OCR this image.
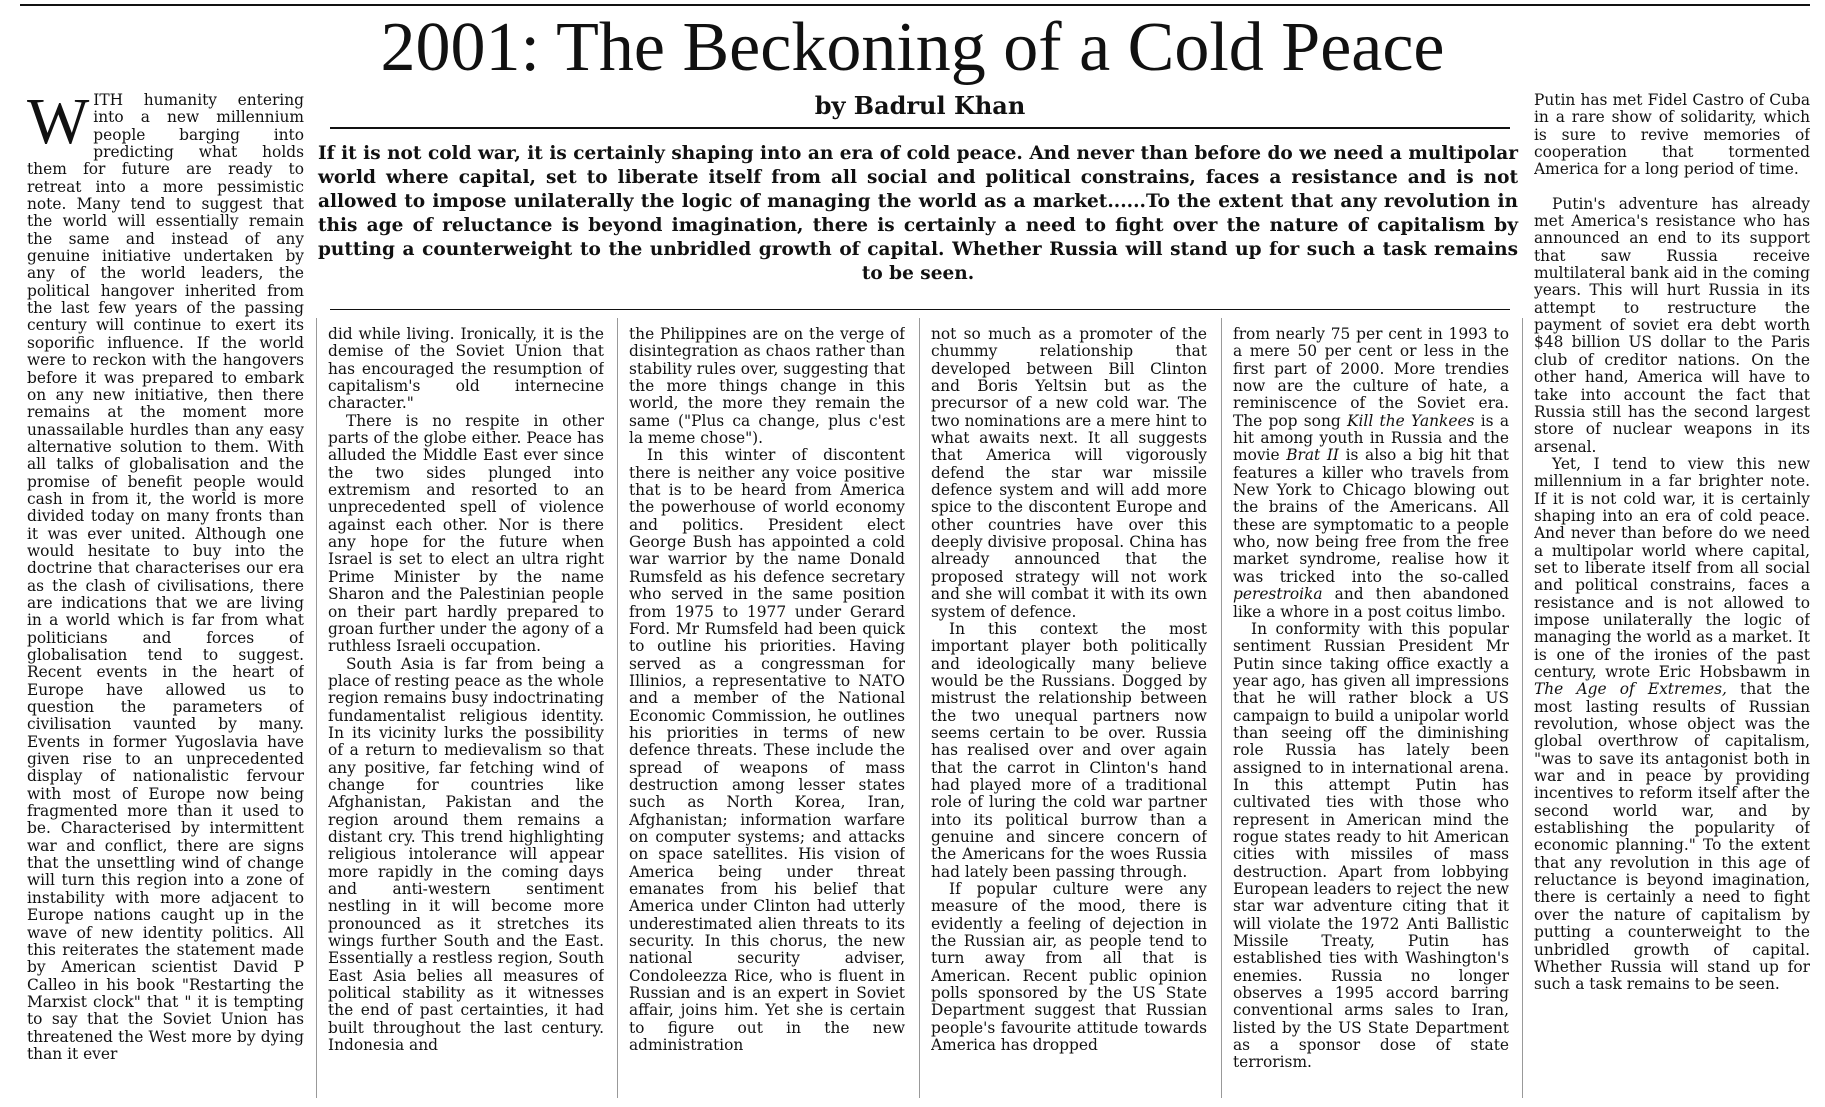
2001: The Beckoning of a Cold Peace
by Badrul Khan

If it is not cold war, it is certainly shaping into an era of cold peace. And never than before do we need a multipolar world where capital, set to liberate itself from all social and political constrains, faces a resistance and is not allowed to impose unilaterally the logic of managing the world as a market......To the extent that any revolution in this age of reluctance is beyond imagination, there is certainly a need to fight over the nature of capitalism by putting a counterweight to the unbridled growth of capital. Whether Russia will stand up for such a task remains to be seen.

WITH humanity entering into a new millennium people barging into predicting what holds them for future are ready to retreat into a more pessimistic note. Many tend to suggest that the world will essentially remain the same and instead of any genuine initiative undertaken by any of the world leaders, the political hangover inherited from the last few years of the passing century will continue to exert its soporific influence. If the world were to reckon with the hangovers before it was prepared to embark on any new initiative, then there remains at the moment more unassailable hurdles than any easy alternative solution to them. With all talks of globalisation and the promise of benefit people would cash in from it, the world is more divided today on many fronts than it was ever united. Although one would hesitate to buy into the doctrine that characterises our era as the clash of civilisations, there are indications that we are living in a world which is far from what politicians and forces of globalisation tend to suggest. Recent events in the heart of Europe have allowed us to question the parameters of civilisation vaunted by many. Events in former Yugoslavia have given rise to an unprecedented display of nationalistic fervour with most of Europe now being fragmented more than it used to be. Characterised by intermittent war and conflict, there are signs that the unsettling wind of change will turn this region into a zone of instability with more adjacent to Europe nations caught up in the wave of new identity politics. All this reiterates the statement made by American scientist David P Calleo in his book "Restarting the Marxist clock" that " it is tempting to say that the Soviet Union has threatened the West more by dying than it ever

did while living. Ironically, it is the demise of the Soviet Union that has encouraged the resumption of capitalism's old internecine character."

There is no respite in other parts of the globe either. Peace has alluded the Middle East ever since the two sides plunged into extremism and resorted to an unprecedented spell of violence against each other. Nor is there any hope for the future when Israel is set to elect an ultra right Prime Minister by the name Sharon and the Palestinian people on their part hardly prepared to groan further under the agony of a ruthless Israeli occupation.

South Asia is far from being a place of resting peace as the whole region remains busy indoctrinating fundamentalist religious identity. In its vicinity lurks the possibility of a return to medievalism so that any positive, far fetching wind of change for countries like Afghanistan, Pakistan and the region around them remains a distant cry. This trend highlighting religious intolerance will appear more rapidly in the coming days and anti-western sentiment nestling in it will become more pronounced as it stretches its wings further South and the East. Essentially a restless region, South East Asia belies all measures of political stability as it witnesses the end of past certainties, it had built throughout the last century. Indonesia and

the Philippines are on the verge of disintegration as chaos rather than stability rules over, suggesting that the more things change in this world, the more they remain the same ("Plus ca change, plus c'est la meme chose").

In this winter of discontent there is neither any voice positive that is to be heard from America the powerhouse of world economy and politics. President elect George Bush has appointed a cold war warrior by the name Donald Rumsfeld as his defence secretary who served in the same position from 1975 to 1977 under Gerard Ford. Mr Rumsfeld had been quick to outline his priorities. Having served as a congressman for Illinios, a representative to NATO and a member of the National Economic Commission, he outlines his priorities in terms of new defence threats. These include the spread of weapons of mass destruction among lesser states such as North Korea, Iran, Afghanistan; information warfare on computer systems; and attacks on space satellites. His vision of America being under threat emanates from his belief that America under Clinton had utterly underestimated alien threats to its security. In this chorus, the new national security adviser, Condoleezza Rice, who is fluent in Russian and is an expert in Soviet affair, joins him. Yet she is certain to figure out in the new administration

not so much as a promoter of the chummy relationship that developed between Bill Clinton and Boris Yeltsin but as the precursor of a new cold war. The two nominations are a mere hint to what awaits next. It all suggests that America will vigorously defend the star war missile defence system and will add more spice to the discontent Europe and other countries have over this deeply divisive proposal. China has already announced that the proposed strategy will not work and she will combat it with its own system of defence.

In this context the most important player both politically and ideologically many believe would be the Russians. Dogged by mistrust the relationship between the two unequal partners now seems certain to be over. Russia has realised over and over again that the carrot in Clinton's hand had played more of a traditional role of luring the cold war partner into its political burrow than a genuine and sincere concern of the Americans for the woes Russia had lately been passing through.

If popular culture were any measure of the mood, there is evidently a feeling of dejection in the Russian air, as people tend to turn away from all that is American. Recent public opinion polls sponsored by the US State Department suggest that Russian people's favourite attitude towards America has dropped

from nearly 75 per cent in 1993 to a mere 50 per cent or less in the first part of 2000. More trendies now are the culture of hate, a reminiscence of the Soviet era. The pop song Kill the Yankees is a hit among youth in Russia and the movie Brat II is also a big hit that features a killer who travels from New York to Chicago blowing out the brains of the Americans. All these are symptomatic to a people who, now being free from the free market syndrome, realise how it was tricked into the so-called perestroika and then abandoned like a whore in a post coitus limbo.

In conformity with this popular sentiment Russian President Mr Putin since taking office exactly a year ago, has given all impressions that he will rather block a US campaign to build a unipolar world than seeing off the diminishing role Russia has lately been assigned to in international arena. In this attempt Putin has cultivated ties with those who represent in American mind the rogue states ready to hit American cities with missiles of mass destruction. Apart from lobbying European leaders to reject the new star war adventure citing that it will violate the 1972 Anti Ballistic Missile Treaty, Putin has established ties with Washington's enemies. Russia no longer observes a 1995 accord barring conventional arms sales to Iran, listed by the US State Department as a sponsor dose of state terrorism.

Putin has met Fidel Castro of Cuba in a rare show of solidarity, which is sure to revive memories of cooperation that tormented America for a long period of time.

Putin's adventure has already met America's resistance who has announced an end to its support that saw Russia receive multilateral bank aid in the coming years. This will hurt Russia in its attempt to restructure the payment of soviet era debt worth $48 billion US dollar to the Paris club of creditor nations. On the other hand, America will have to take into account the fact that Russia still has the second largest store of nuclear weapons in its arsenal.

Yet, I tend to view this new millennium in a far brighter note. If it is not cold war, it is certainly shaping into an era of cold peace. And never than before do we need a multipolar world where capital, set to liberate itself from all social and political constrains, faces a resistance and is not allowed to impose unilaterally the logic of managing the world as a market. It is one of the ironies of the past century, wrote Eric Hobsbawm in The Age of Extremes, that the most lasting results of Russian revolution, whose object was the global overthrow of capitalism, "was to save its antagonist both in war and in peace by providing incentives to reform itself after the second world war, and by establishing the popularity of economic planning." To the extent that any revolution in this age of reluctance is beyond imagination, there is certainly a need to fight over the nature of capitalism by putting a counterweight to the unbridled growth of capital. Whether Russia will stand up for such a task remains to be seen.
